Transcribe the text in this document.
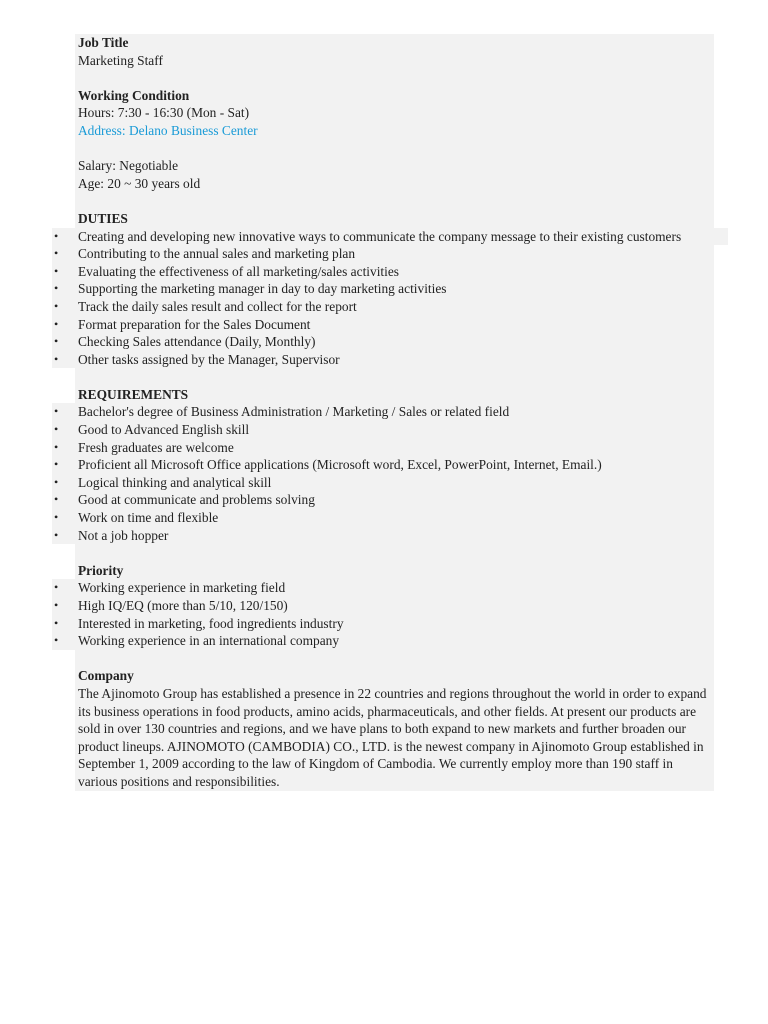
Job Title
Marketing Staff
Working Condition
Hours: 7:30 - 16:30 (Mon - Sat)
Address: Delano Business Center
Salary: Negotiable
Age: 20 ~ 30 years old
DUTIES
• Creating and developing new innovative ways to communicate the company message to their existing customers
• Contributing to the annual sales and marketing plan
• Evaluating the effectiveness of all marketing/sales activities
• Supporting the marketing manager in day to day marketing activities
• Track the daily sales result and collect for the report
• Format preparation for the Sales Document
• Checking Sales attendance (Daily, Monthly)
• Other tasks assigned by the Manager, Supervisor
REQUIREMENTS
• Bachelor's degree of Business Administration / Marketing / Sales or related field
• Good to Advanced English skill
• Fresh graduates are welcome
• Proficient all Microsoft Office applications (Microsoft word, Excel, PowerPoint, Internet, Email.)
• Logical thinking and analytical skill
• Good at communicate and problems solving
• Work on time and flexible
• Not a job hopper
Priority
• Working experience in marketing field
• High IQ/EQ (more than 5/10, 120/150)
• Interested in marketing, food ingredients industry
• Working experience in an international company
Company
The Ajinomoto Group has established a presence in 22 countries and regions throughout the world in order to expand its business operations in food products, amino acids, pharmaceuticals, and other fields. At present our products are sold in over 130 countries and regions, and we have plans to both expand to new markets and further broaden our product lineups. AJINOMOTO (CAMBODIA) CO., LTD. is the newest company in Ajinomoto Group established in September 1, 2009 according to the law of Kingdom of Cambodia. We currently employ more than 190 staff in various positions and responsibilities.
